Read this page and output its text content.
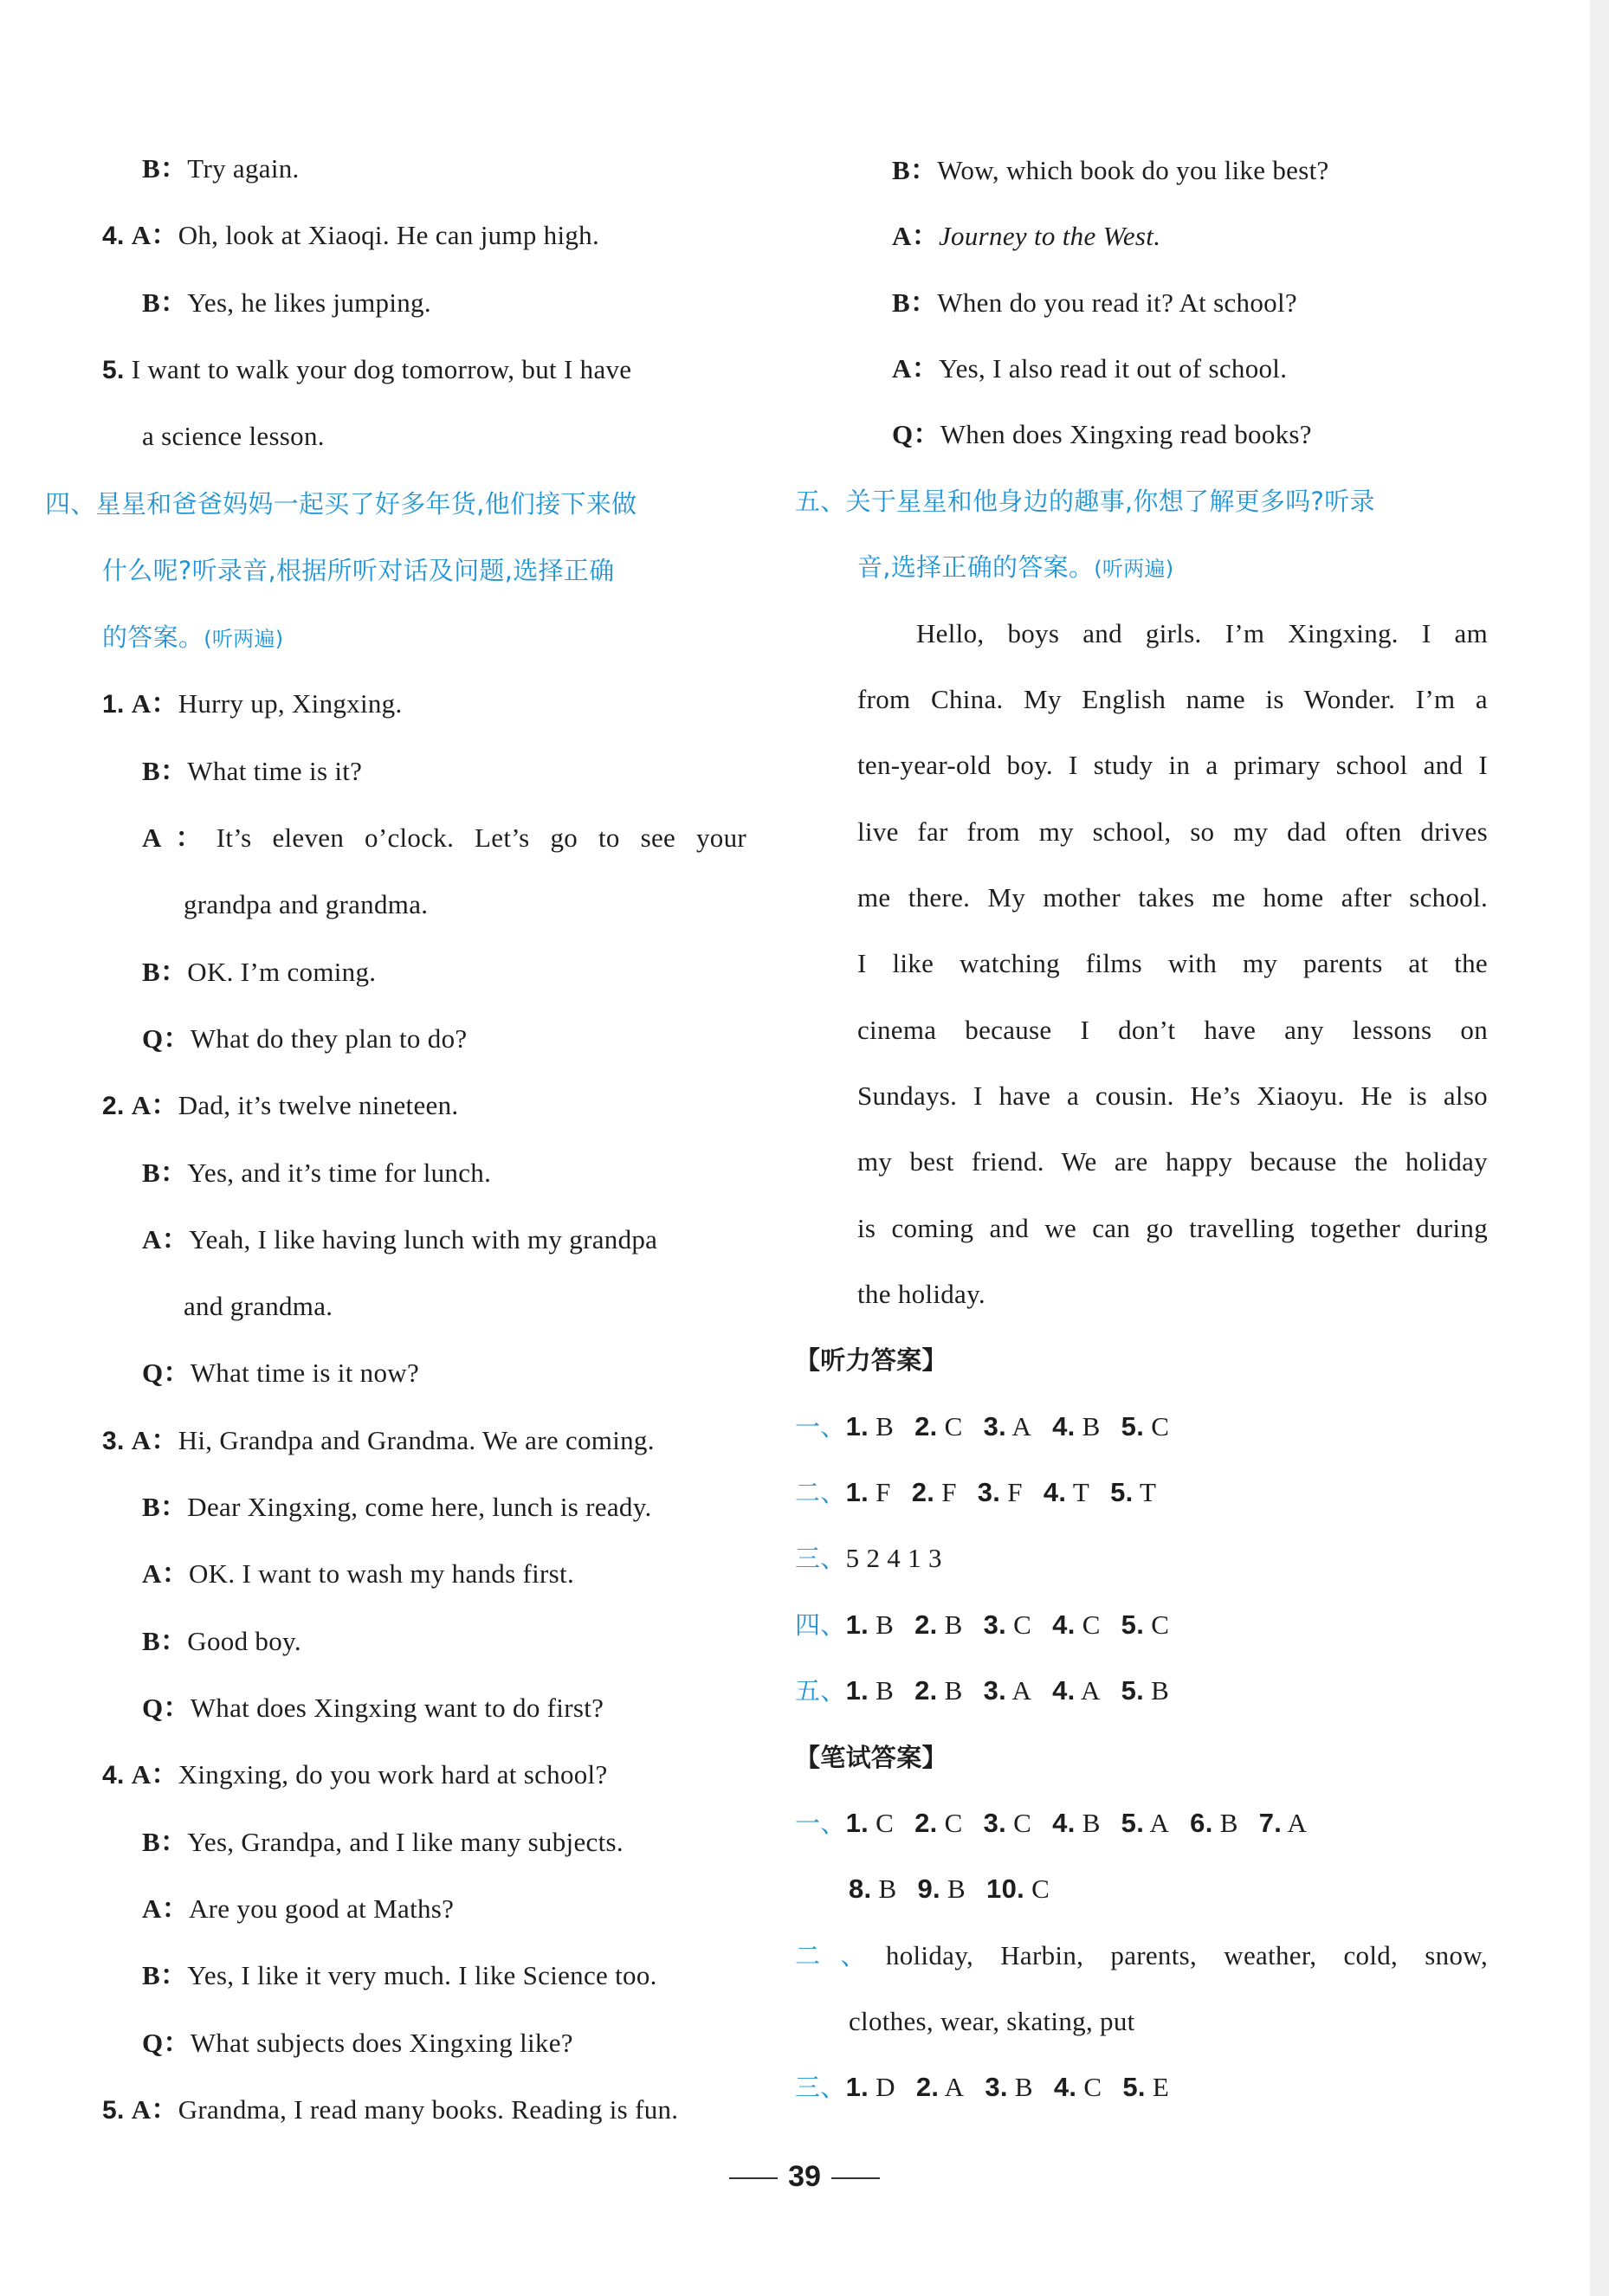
B：Try again.
4. A：Oh, look at Xiaoqi. He can jump high.
B：Yes, he likes jumping.
5. I want to walk your dog tomorrow, but I have
a science lesson.
四、星星和爸爸妈妈一起买了好多年货,他们接下来做
什么呢?听录音,根据所听对话及问题,选择正确
的答案。(听两遍)
1. A：Hurry up, Xingxing.
B：What time is it?
A：It’s eleven o’clock. Let’s go to see your
grandpa and grandma.
B：OK. I’m coming.
Q：What do they plan to do?
2. A：Dad, it’s twelve nineteen.
B：Yes, and it’s time for lunch.
A：Yeah, I like having lunch with my grandpa
and grandma.
Q：What time is it now?
3. A：Hi, Grandpa and Grandma. We are coming.
B：Dear Xingxing, come here, lunch is ready.
A：OK. I want to wash my hands first.
B：Good boy.
Q：What does Xingxing want to do first?
4. A：Xingxing, do you work hard at school?
B：Yes, Grandpa, and I like many subjects.
A：Are you good at Maths?
B：Yes, I like it very much. I like Science too.
Q：What subjects does Xingxing like?
5. A：Grandma, I read many books. Reading is fun.
B：Wow, which book do you like best?
A：Journey to the West.
B：When do you read it? At school?
A：Yes, I also read it out of school.
Q：When does Xingxing read books?
五、关于星星和他身边的趣事,你想了解更多吗?听录
音,选择正确的答案。(听两遍)
Hello, boys and girls. I’m Xingxing. I am
from China. My English name is Wonder. I’m a
ten-year-old boy. I study in a primary school and I
live far from my school, so my dad often drives
me there. My mother takes me home after school.
I like watching films with my parents at the
cinema because I don’t have any lessons on
Sundays. I have a cousin. He’s Xiaoyu. He is also
my best friend. We are happy because the holiday
is coming and we can go travelling together during
the holiday.
【听力答案】
一、1. B 2. C 3. A 4. B 5. C
二、1. F 2. F 3. F 4. T 5. T
三、5 2 4 1 3
四、1. B 2. B 3. C 4. C 5. C
五、1. B 2. B 3. A 4. A 5. B
【笔试答案】
一、1. C 2. C 3. C 4. B 5. A 6. B 7. A
8. B 9. B 10. C
二、holiday, Harbin, parents, weather, cold, snow,
clothes, wear, skating, put
三、1. D 2. A 3. B 4. C 5. E
39
